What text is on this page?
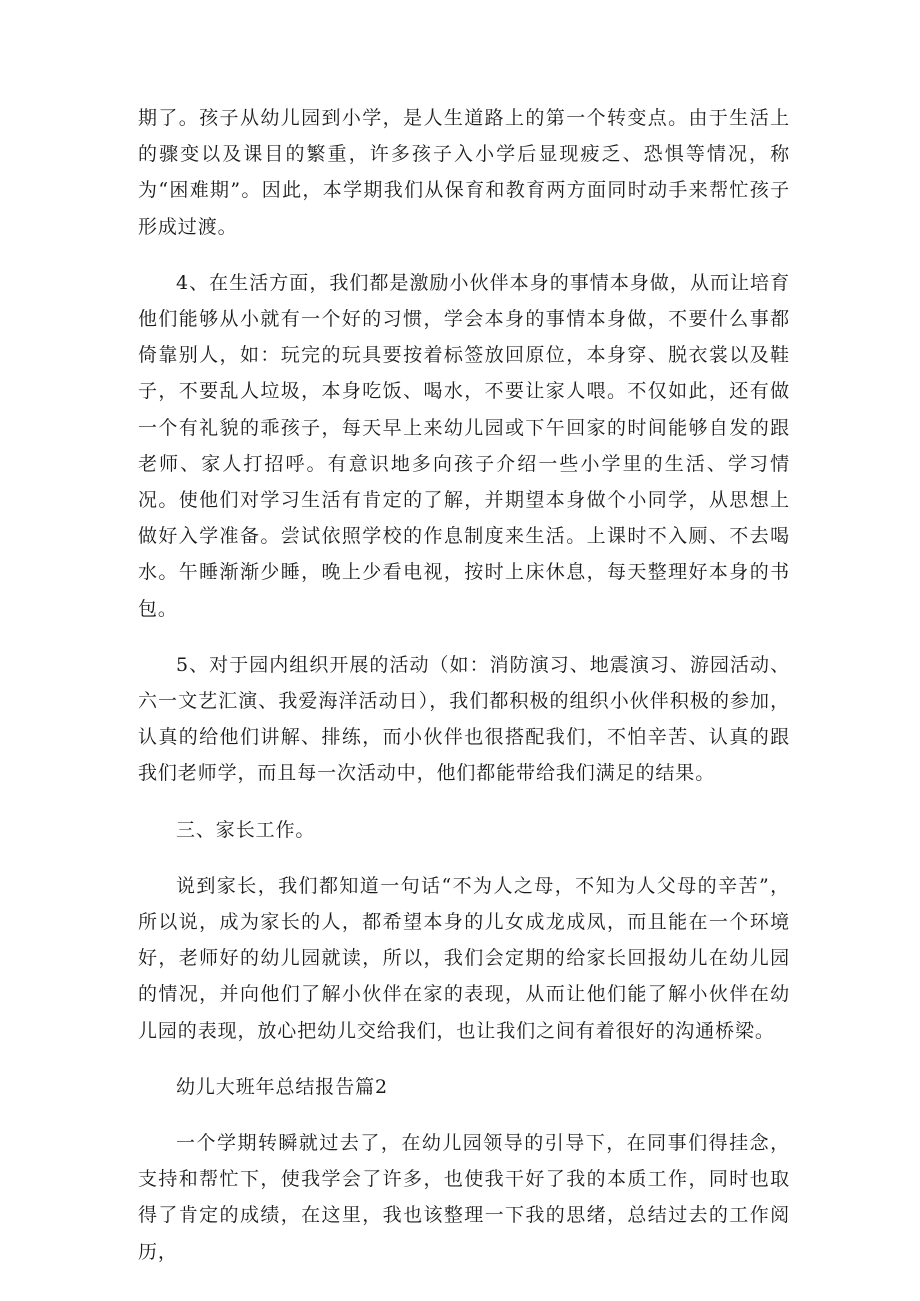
期了。孩子从幼儿园到小学，是人生道路上的第一个转变点。由于生活上的骤变以及课目的繁重，许多孩子入小学后显现疲乏、恐惧等情况，称为“困难期”。因此，本学期我们从保育和教育两方面同时动手来帮忙孩子形成过渡。

4、在生活方面，我们都是激励小伙伴本身的事情本身做，从而让培育他们能够从小就有一个好的习惯，学会本身的事情本身做，不要什么事都倚靠别人，如：玩完的玩具要按着标签放回原位，本身穿、脱衣裳以及鞋子，不要乱人垃圾，本身吃饭、喝水，不要让家人喂。不仅如此，还有做一个有礼貌的乖孩子，每天早上来幼儿园或下午回家的时间能够自发的跟老师、家人打招呼。有意识地多向孩子介绍一些小学里的生活、学习情况。使他们对学习生活有肯定的了解，并期望本身做个小同学，从思想上做好入学准备。尝试依照学校的作息制度来生活。上课时不入厕、不去喝水。午睡渐渐少睡，晚上少看电视，按时上床休息，每天整理好本身的书包。

5、对于园内组织开展的活动（如：消防演习、地震演习、游园活动、六一文艺汇演、我爱海洋活动日），我们都积极的组织小伙伴积极的参加，认真的给他们讲解、排练，而小伙伴也很搭配我们，不怕辛苦、认真的跟我们老师学，而且每一次活动中，他们都能带给我们满足的结果。

三、家长工作。

说到家长，我们都知道一句话“不为人之母，不知为人父母的辛苦”，所以说，成为家长的人，都希望本身的儿女成龙成凤，而且能在一个环境好，老师好的幼儿园就读，所以，我们会定期的给家长回报幼儿在幼儿园的情况，并向他们了解小伙伴在家的表现，从而让他们能了解小伙伴在幼儿园的表现，放心把幼儿交给我们，也让我们之间有着很好的沟通桥梁。

幼儿大班年总结报告篇2

一个学期转瞬就过去了，在幼儿园领导的引导下，在同事们得挂念，支持和帮忙下，使我学会了许多，也使我干好了我的本质工作，同时也取得了肯定的成绩，在这里，我也该整理一下我的思绪，总结过去的工作阅历，
